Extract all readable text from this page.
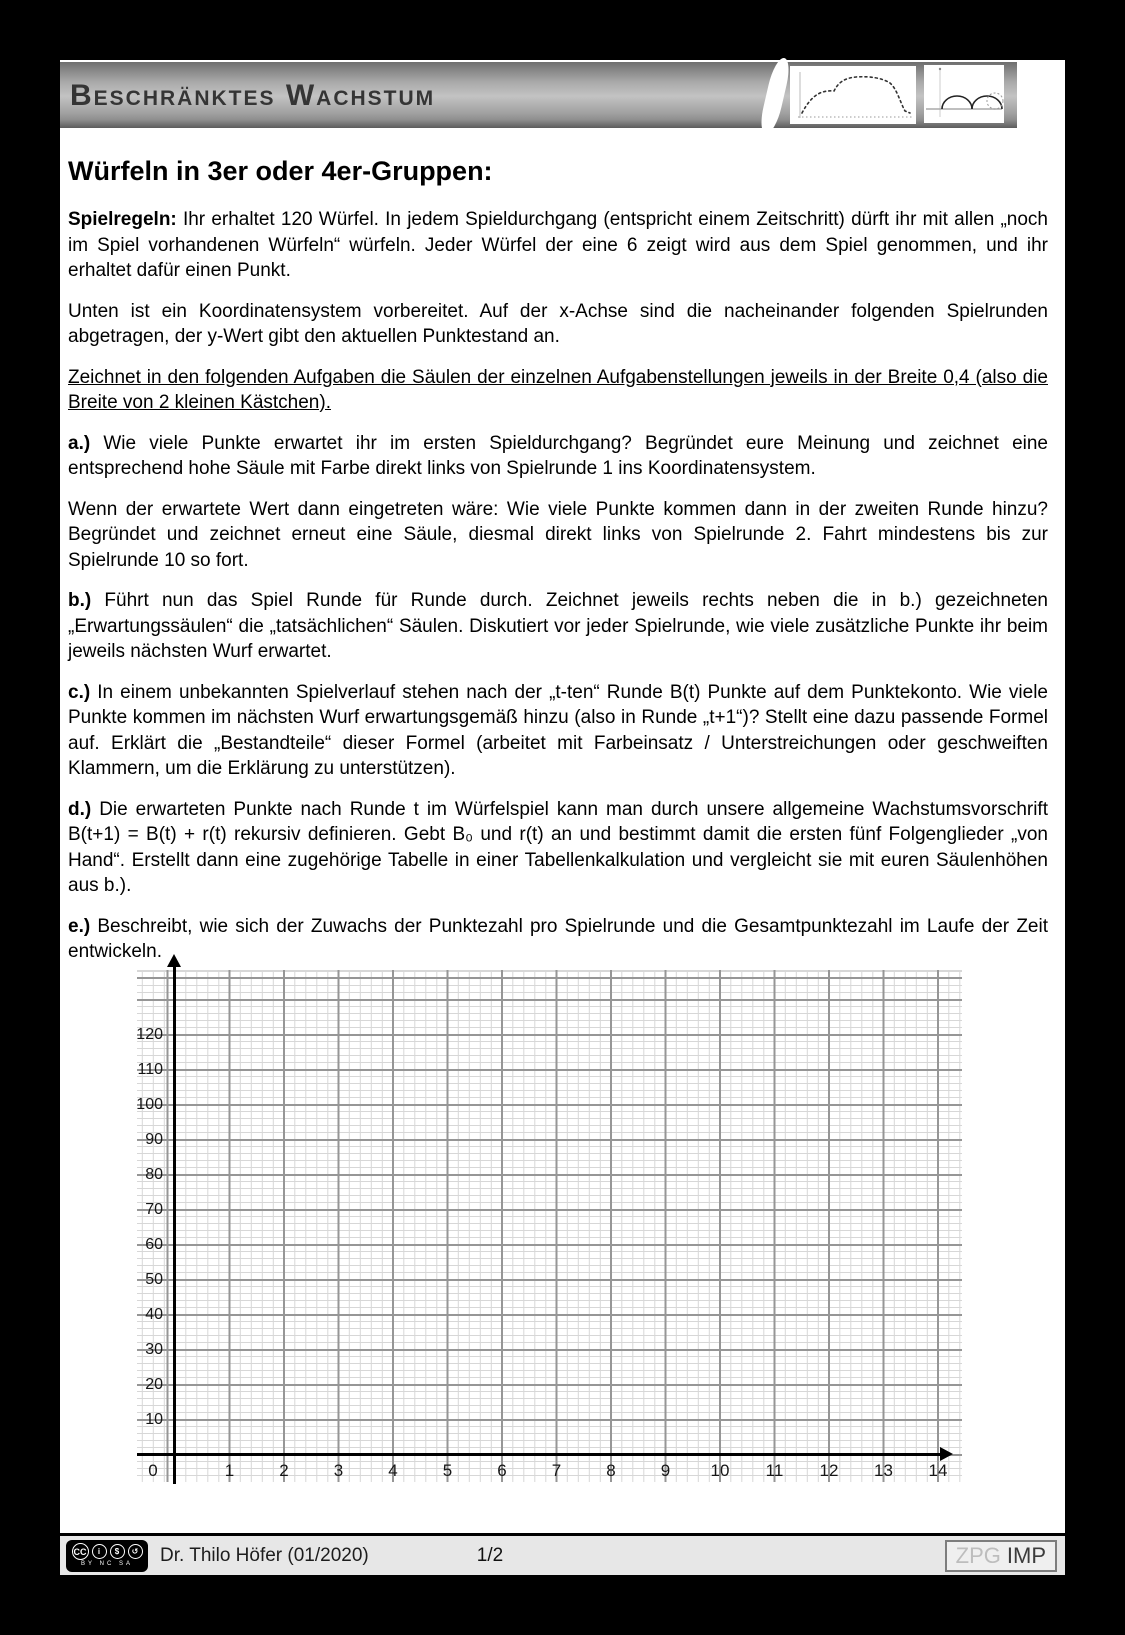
Beschränktes Wachstum
Würfeln in 3er oder 4er-Gruppen:

Spielregeln: Ihr erhaltet 120 Würfel. In jedem Spieldurchgang (entspricht einem Zeitschritt) dürft ihr mit allen „noch im Spiel vorhandenen Würfeln“ würfeln. Jeder Würfel der eine 6 zeigt wird aus dem Spiel genommen, und ihr erhaltet dafür einen Punkt.

Unten ist ein Koordinatensystem vorbereitet. Auf der x-Achse sind die nacheinander folgenden Spielrunden abgetragen, der y-Wert gibt den aktuellen Punktestand an.

Zeichnet in den folgenden Aufgaben die Säulen der einzelnen Aufgabenstellungen jeweils in der Breite 0,4 (also die Breite von 2 kleinen Kästchen).

a.) Wie viele Punkte erwartet ihr im ersten Spieldurchgang? Begründet eure Meinung und zeichnet eine entsprechend hohe Säule mit Farbe direkt links von Spielrunde 1 ins Koordinatensystem.

Wenn der erwartete Wert dann eingetreten wäre: Wie viele Punkte kommen dann in der zweiten Runde hinzu? Begründet und zeichnet erneut eine Säule, diesmal direkt links von Spielrunde 2. Fahrt mindestens bis zur Spielrunde 10 so fort.

b.) Führt nun das Spiel Runde für Runde durch. Zeichnet jeweils rechts neben die in b.) gezeichneten „Erwartungssäulen“ die „tatsächlichen“ Säulen. Diskutiert vor jeder Spielrunde, wie viele zusätzliche Punkte ihr beim jeweils nächsten Wurf erwartet.

c.) In einem unbekannten Spielverlauf stehen nach der „t-ten“ Runde B(t) Punkte auf dem Punktekonto. Wie viele Punkte kommen im nächsten Wurf erwartungsgemäß hinzu (also in Runde „t+1“)? Stellt eine dazu passende Formel auf. Erklärt die „Bestandteile“ dieser Formel (arbeitet mit Farbeinsatz / Unterstreichungen oder geschweiften Klammern, um die Erklärung zu unterstützen).

d.) Die erwarteten Punkte nach Runde t im Würfelspiel kann man durch unsere allgemeine Wachstumsvorschrift B(t+1) = B(t) + r(t) rekursiv definieren. Gebt B₀ und r(t) an und bestimmt damit die ersten fünf Folgenglieder „von Hand“. Erstellt dann eine zugehörige Tabelle in einer Tabellenkalkulation und vergleicht sie mit euren Säulenhöhen aus b.).

e.) Beschreibt, wie sich der Zuwachs der Punktezahl pro Spielrunde und die Gesamtpunktezahl im Laufe der Zeit entwickeln.

120
110
100
90
80
70
60
50
40
30
20
10
0	1	2	3	4	5	6	7	8	9	10	11	12	13	14
CC	i	$	↺
BY NC SA Dr. Thilo Höfer (01/2020)	1/2	ZPG IMP
